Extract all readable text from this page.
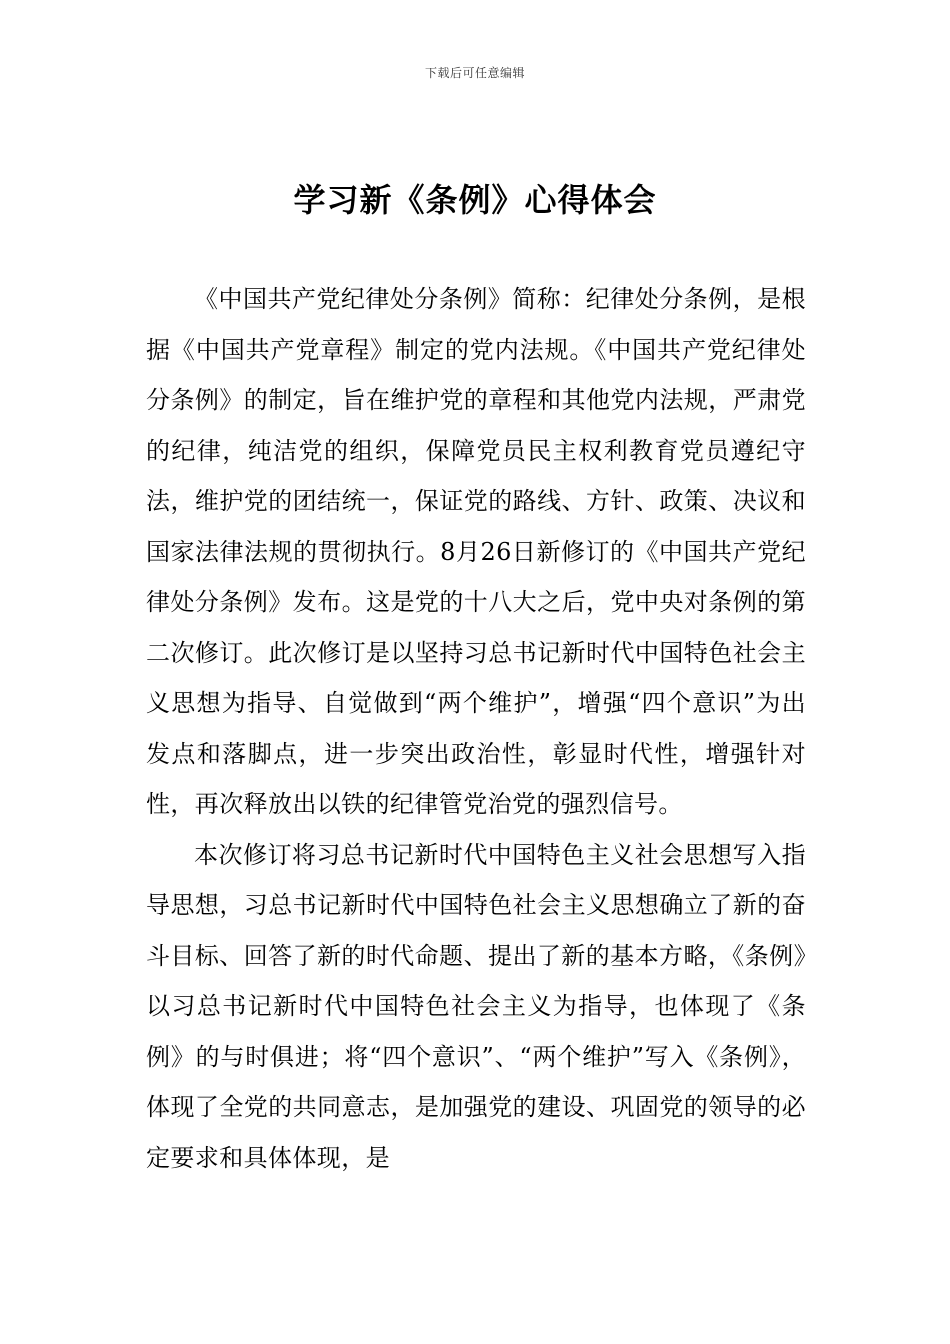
下载后可任意编辑
学习新《条例》心得体会

《中国共产党纪律处分条例》简称：纪律处分条例，是根据《中国共产党章程》制定的党内法规。《中国共产党纪律处分条例》的制定，旨在维护党的章程和其他党内法规，严肃党的纪律，纯洁党的组织，保障党员民主权利教育党员遵纪守法，维护党的团结统一，保证党的路线、方针、政策、决议和国家法律法规的贯彻执行。8月26日新修订的《中国共产党纪律处分条例》发布。这是党的十八大之后，党中央对条例的第二次修订。此次修订是以坚持习总书记新时代中国特色社会主义思想为指导、自觉做到“两个维护”，增强“四个意识”为出发点和落脚点，进一步突出政治性，彰显时代性，增强针对性，再次释放出以铁的纪律管党治党的强烈信号。

本次修订将习总书记新时代中国特色主义社会思想写入指导思想，习总书记新时代中国特色社会主义思想确立了新的奋斗目标、回答了新的时代命题、提出了新的基本方略，《条例》以习总书记新时代中国特色社会主义为指导，也体现了《条例》的与时俱进；将“四个意识”、“两个维护”写入《条例》，体现了全党的共同意志，是加强党的建设、巩固党的领导的必定要求和具体体现，是
